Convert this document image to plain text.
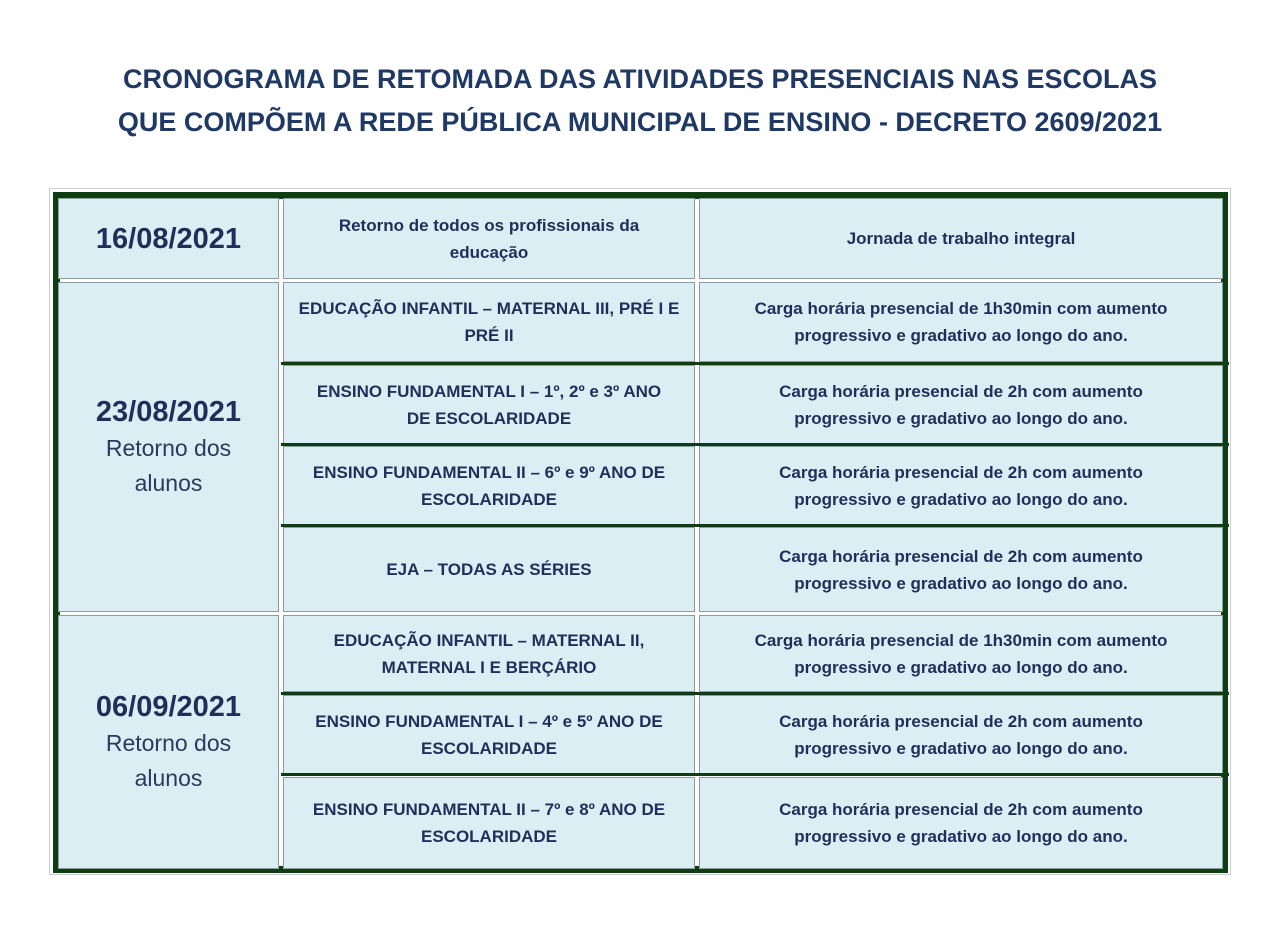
CRONOGRAMA DE RETOMADA DAS ATIVIDADES PRESENCIAIS NAS ESCOLAS
QUE COMPÕEM A REDE PÚBLICA MUNICIPAL DE ENSINO - DECRETO 2609/2021
16/08/2021	Retorno de todos os profissionais da educação
Jornada de trabalho integral
23/08/2021
Retorno dos alunos
EDUCAÇÃO INFANTIL – MATERNAL III, PRÉ I E PRÉ II
Carga horária presencial de 1h30min com aumento progressivo e gradativo ao longo do ano.
ENSINO FUNDAMENTAL I – 1º, 2º e 3º ANO DE ESCOLARIDADE
Carga horária presencial de 2h com aumento progressivo e gradativo ao longo do ano.
ENSINO FUNDAMENTAL II – 6º e 9º ANO DE ESCOLARIDADE
Carga horária presencial de 2h com aumento progressivo e gradativo ao longo do ano.
EJA – TODAS AS SÉRIES
Carga horária presencial de 2h com aumento progressivo e gradativo ao longo do ano.
06/09/2021
Retorno dos alunos
EDUCAÇÃO INFANTIL – MATERNAL II, MATERNAL I E BERÇÁRIO
Carga horária presencial de 1h30min com aumento progressivo e gradativo ao longo do ano.
ENSINO FUNDAMENTAL I – 4º e 5º ANO DE ESCOLARIDADE
Carga horária presencial de 2h com aumento progressivo e gradativo ao longo do ano.
ENSINO FUNDAMENTAL II – 7º e 8º ANO DE ESCOLARIDADE
Carga horária presencial de 2h com aumento progressivo e gradativo ao longo do ano.
